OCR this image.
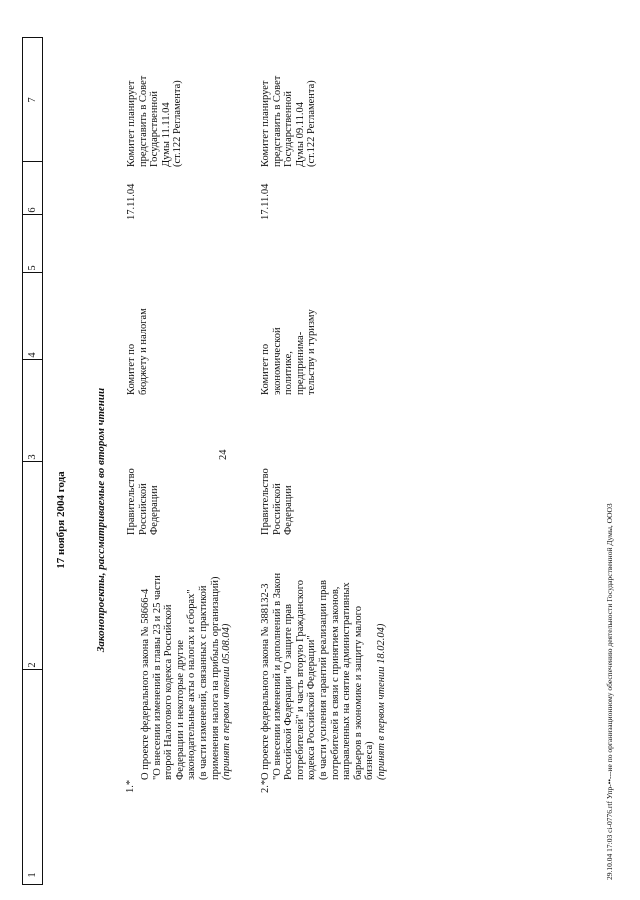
24
1
2
3
4
5
6
7
17 ноября 2004 года	Законопроекты, рассматриваемые во втором чтении
1.*
О проекте федерального закона № 58666-4
"О внесении изменений в главы 23 и 25 части
второй Налогового кодекса Российской
Федерации и некоторые другие
законодательные акты о налогах и сборах"
(в части изменений, связанных с практикой
применения налога на прибыль организаций)
(принят в первом чтении 05.08.04)
Правительство
Российской
Федерации
Комитет по
бюджету и налогам
17.11.04
Комитет планирует
представить в Совет
Государственной
Думы 11.11.04
(ст.122 Регламента)
2.*
О проекте федерального закона № 388132-3
"О внесении изменений и дополнений в Закон
Российской Федерации "О защите прав
потребителей" и часть вторую Гражданского
кодекса Российской Федерации"
(в части усиления гарантий реализации прав
потребителей в связи с принятием законов,
направленных на снятие административных
барьеров в экономике и защиту малого
бизнеса) (принят в первом чтении 18.02.04)
Правительство
Российской
Федерации
Комитет по
экономической
политике,
предпринима-
тельству и туризму
17.11.04
Комитет планирует
представить в Совет
Государственной
Думы 09.11.04
(ст.122 Регламента)
29.10.04 17:03 ci-0776.rtf Упр-••-‑‑ие по организационному обеспечению деятельности Государственной Думы, ООО3
